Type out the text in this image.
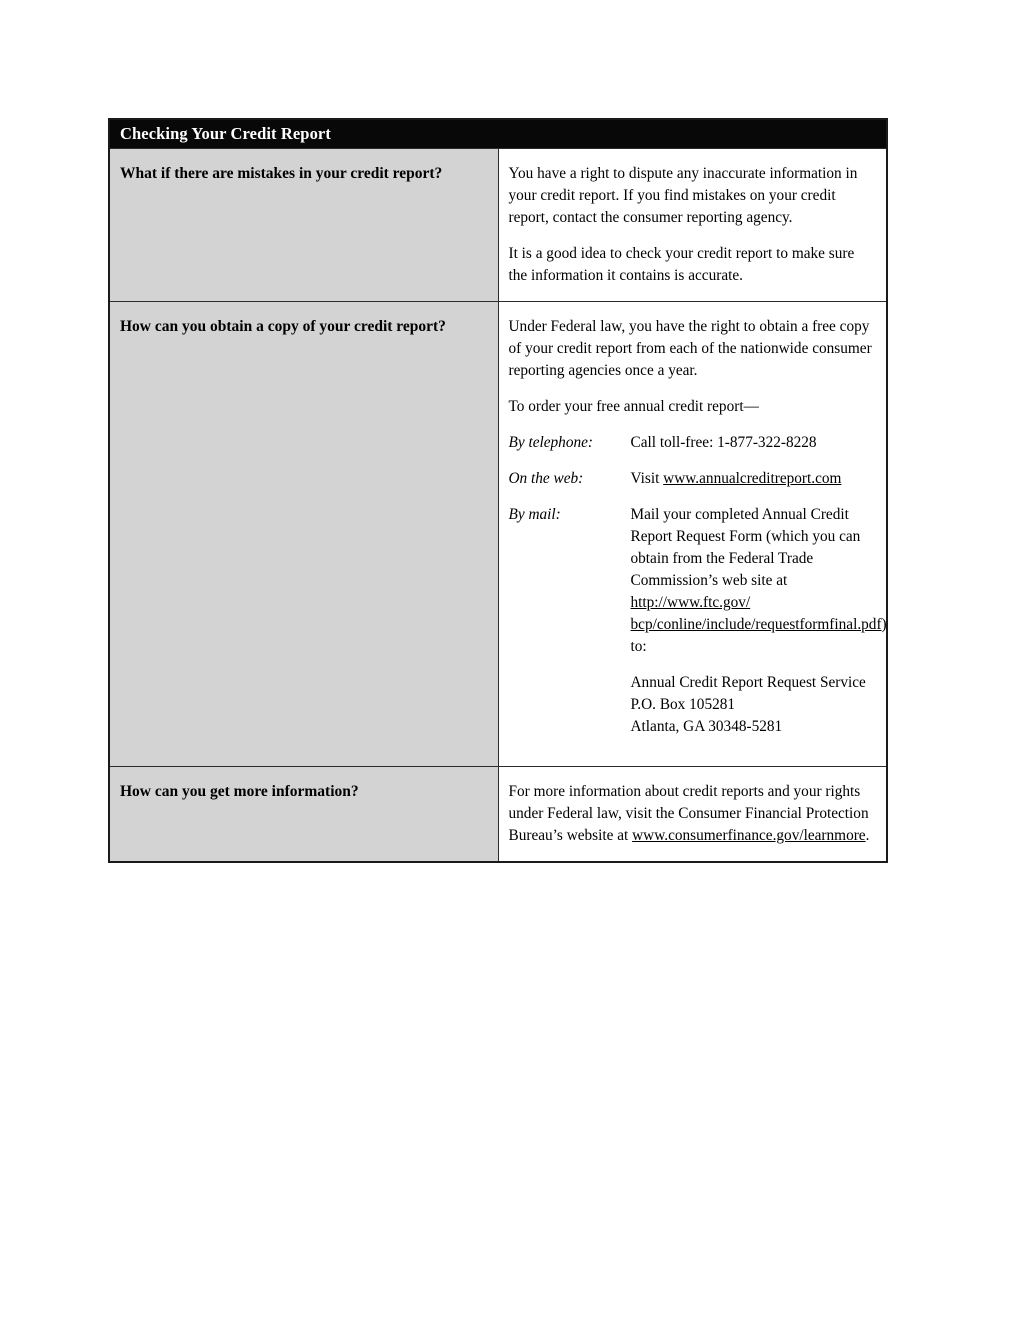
Checking Your Credit Report	
What if there are mistakes in your credit report?	You have a right to dispute any inaccurate information in your credit report. If you find mistakes on your credit report, contact the consumer reporting agency.

It is a good idea to check your credit report to make sure the information it contains is accurate.

How can you obtain a copy of your credit report?	Under Federal law, you have the right to obtain a free copy of your credit report from each of the nationwide consumer reporting agencies once a year.

To order your free annual credit report—

By telephone:	Call toll-free: 1-877-322-8228
On the web:	Visit www.annualcreditreport.com
By mail:	Mail your completed Annual Credit Report Request Form (which you can obtain from the Federal Trade Commission’s web site at http://www.ftc.gov/ bcp/conline/include/requestformfinal.pdf) to:
Annual Credit Report Request Service
P.O. Box 105281
Atlanta, GA 30348-5281

How can you get more information?	For more information about credit reports and your rights under Federal law, visit the Consumer Financial Protection Bureau’s website at www.consumerfinance.gov/learnmore.
